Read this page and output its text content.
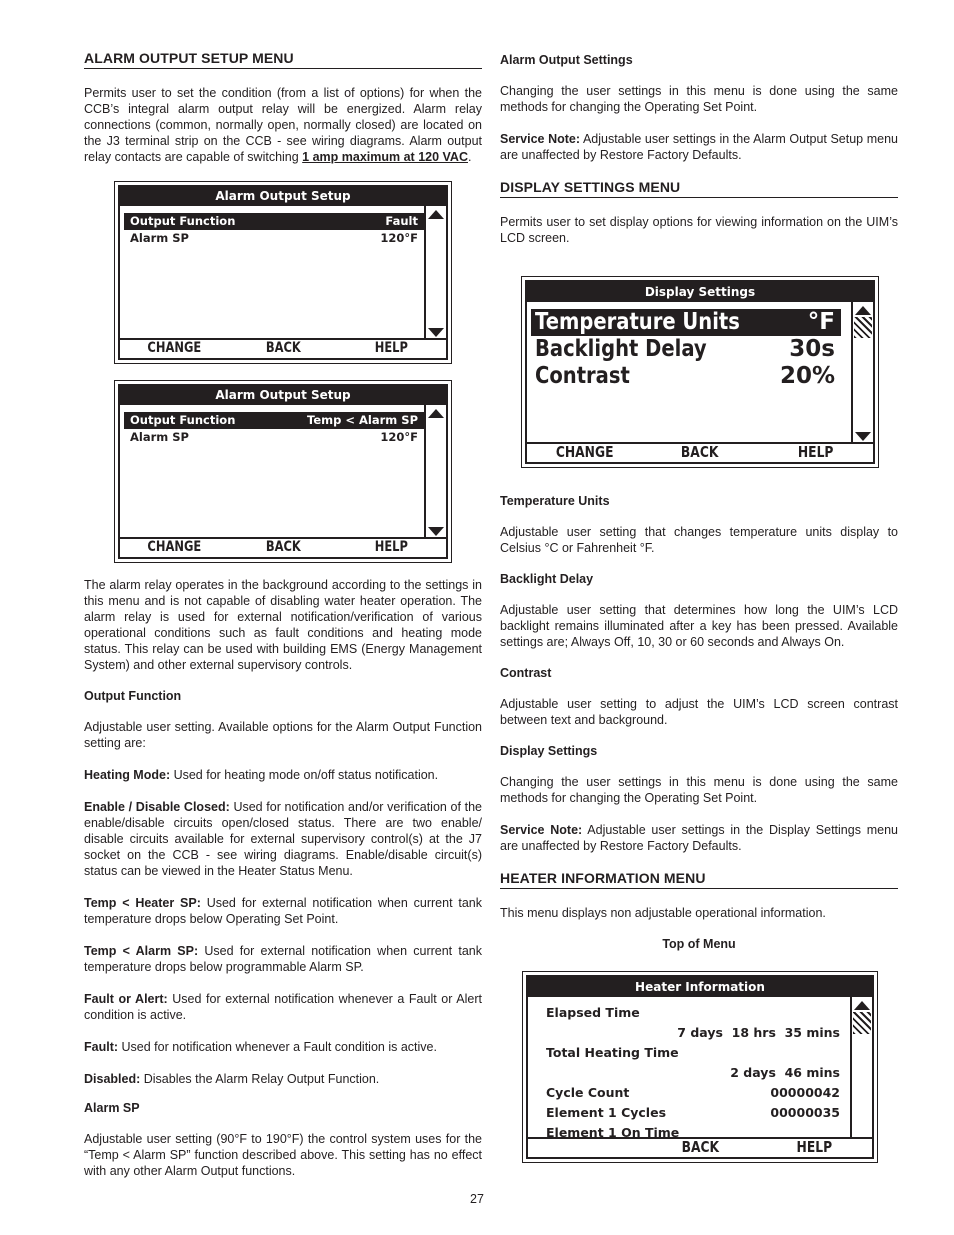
ALARM OUTPUT SETUP MENU

Permits user to set the condition (from a list of options) for when the CCB’s integral alarm output relay will be energized. Alarm relay connections (common, normally open, normally closed) are located on the J3 terminal strip on the CCB - see wiring diagrams. Alarm output relay contacts are capable of switching 1 amp maximum at 120 VAC.

Alarm Output Setup
Output Function	Fault
Alarm SP	120°F
CHANGE	BACK	HELP
Alarm Output Setup
Output Function	Temp < Alarm SP
Alarm SP	120°F
CHANGE	BACK	HELP

The alarm relay operates in the background according to the settings in this menu and is not capable of disabling water heater operation. The alarm relay is used for external notification/verification of various operational conditions such as fault conditions and heating mode status. This relay can be used with building EMS (Energy Management System) and other external supervisory controls.

Output Function

Adjustable user setting. Available options for the Alarm Output Function setting are:

Heating Mode: Used for heating mode on/off status notification.

Enable / Disable Closed: Used for notification and/or verification of the enable/disable circuits open/closed status. There are two enable/ disable circuits available for external supervisory control(s) at the J7 socket on the CCB - see wiring diagrams. Enable/disable circuit(s) status can be viewed in the Heater Status Menu.

Temp < Heater SP: Used for external notification when current tank temperature drops below Operating Set Point.

Temp < Alarm SP: Used for external notification when current tank temperature drops below programmable Alarm SP.

Fault or Alert: Used for external notification whenever a Fault or Alert condition is active.

Fault: Used for notification whenever a Fault condition is active.

Disabled: Disables the Alarm Relay Output Function.

Alarm SP

Adjustable user setting (90°F to 190°F) the control system uses for the “Temp < Alarm SP” function described above. This setting has no effect with any other Alarm Output functions.

Alarm Output Settings

Changing the user settings in this menu is done using the same methods for changing the Operating Set Point.

Service Note: Adjustable user settings in the Alarm Output Setup menu are unaffected by Restore Factory Defaults.

DISPLAY SETTINGS MENU

Permits user to set display options for viewing information on the UIM’s LCD screen.

Display Settings
Temperature Units	°F
Backlight Delay	30s
Contrast	20%
CHANGE	BACK	HELP
Temperature Units

Adjustable user setting that changes temperature units display to Celsius °C or Fahrenheit °F.

Backlight Delay

Adjustable user setting that determines how long the UIM’s LCD backlight remains illuminated after a key has been pressed. Available settings are; Always Off, 10, 30 or 60 seconds and Always On.

Contrast

Adjustable user setting to adjust the UIM’s LCD screen contrast between text and background.

Display Settings

Changing the user settings in this menu is done using the same methods for changing the Operating Set Point.

Service Note: Adjustable user settings in the Display Settings menu are unaffected by Restore Factory Defaults.

HEATER INFORMATION MENU

This menu displays non adjustable operational information.

Top of Menu
Heater Information
Elapsed Time
7 days  18 hrs  35 mins
Total Heating Time
2 days  46 mins
Cycle Count	00000042
Element 1 Cycles	00000035
Element 1 On Time
BACK	HELP
27
